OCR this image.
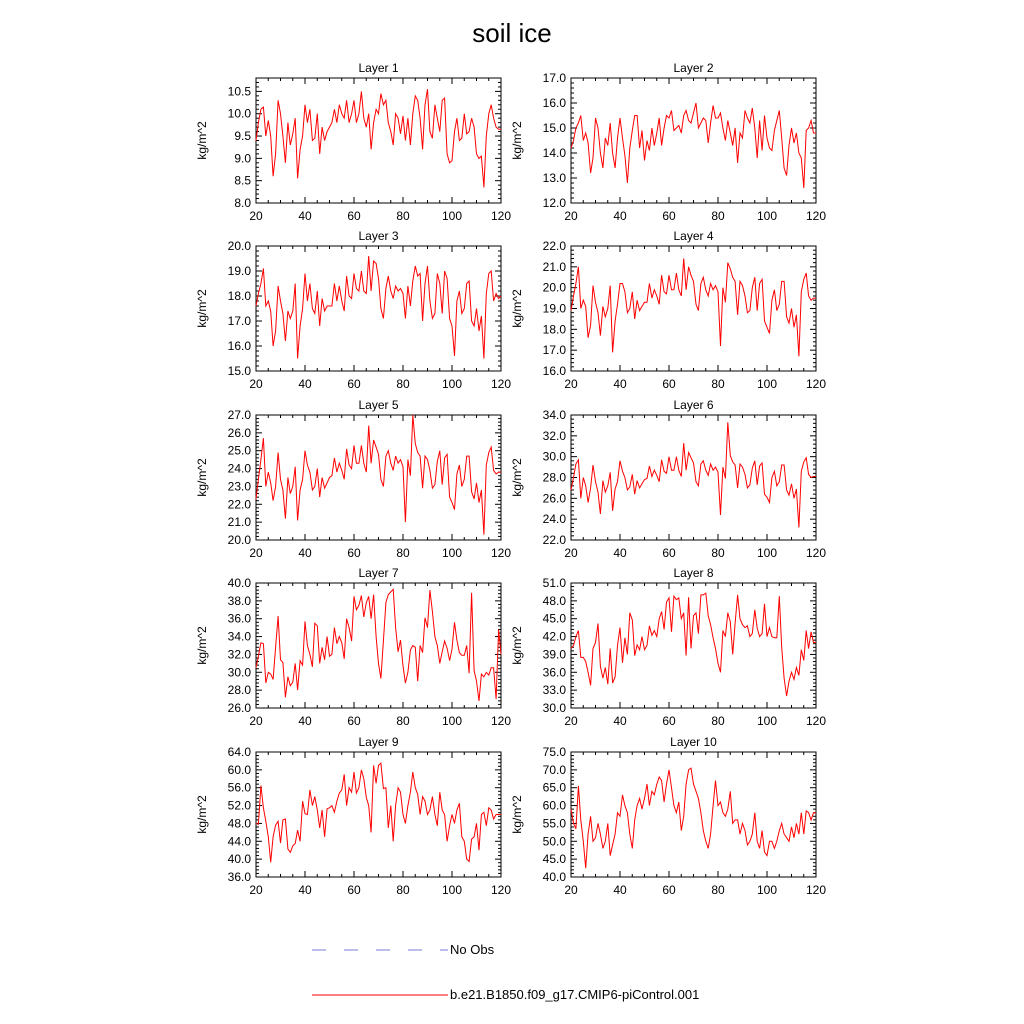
soil ice
Layer 1
20	40	60	80	100 120
8.0
8.5
9.0
9.5
10.0
10.5
kg/m^2
Layer 2
20	40	60	80	100 120
12.0
13.0
14.0
15.0
16.0
17.0
kg/m^2
Layer 3
20	40	60	80	100 120
15.0
16.0
17.0
18.0
19.0
20.0
kg/m^2
Layer 4
20	40	60	80	100 120
16.0
17.0
18.0
19.0
20.0
21.0
22.0
kg/m^2
Layer 5
20	40	60	80	100 120
20.0
21.0
22.0
23.0
24.0
25.0
26.0
27.0
kg/m^2
Layer 6
20	40	60	80	100 120
22.0
24.0
26.0
28.0
30.0
32.0
34.0
kg/m^2
Layer 7
20	40	60	80	100 120
26.0
28.0
30.0
32.0
34.0
36.0
38.0
40.0
kg/m^2
Layer 8
20	40	60	80	100 120
30.0
33.0
36.0
39.0
42.0
45.0
48.0
51.0
kg/m^2
Layer 9
20	40	60	80	100 120
36.0
40.0
44.0
48.0
52.0
56.0
60.0
64.0
kg/m^2
Layer 10
20	40	60	80	100 120
40.0
45.0
50.0
55.0
60.0
65.0
70.0
75.0
kg/m^2
No Obs
b.e21.B1850.f09_g17.CMIP6-piControl.001
